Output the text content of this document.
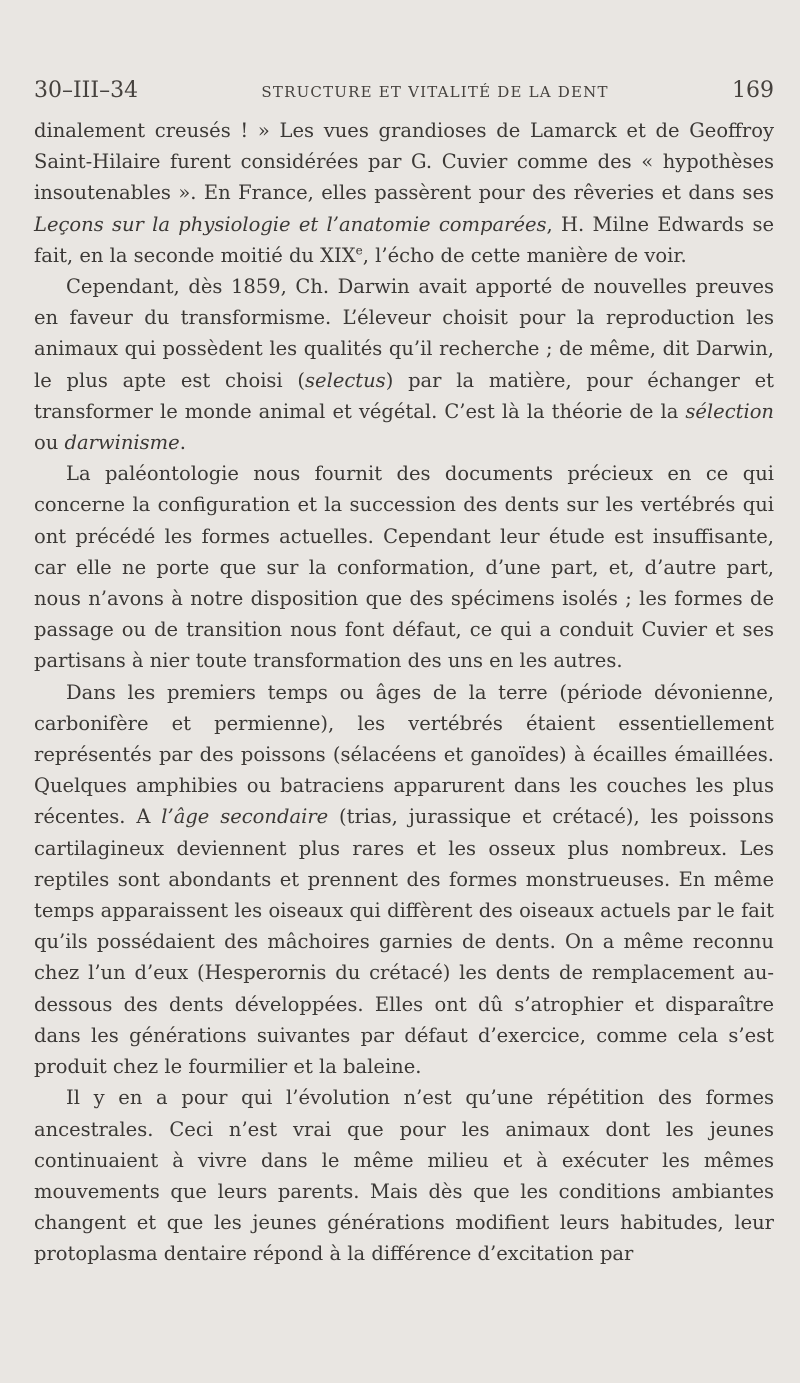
30–III–34	STRUCTURE ET VITALITÉ DE LA DENT	169

dinalement creusés ! » Les vues grandioses de Lamarck et de Geoffroy Saint-Hilaire furent considérées par G. Cuvier comme des « hypothèses insoutenables ». En France, elles passèrent pour des rêveries et dans ses Leçons sur la physiologie et l’anatomie comparées, H. Milne Edwards se fait, en la seconde moitié du XIXe, l’écho de cette manière de voir.

Cependant, dès 1859, Ch. Darwin avait apporté de nouvelles preuves en faveur du transformisme. L’éleveur choisit pour la reproduction les animaux qui possèdent les qualités qu’il recherche ; de même, dit Darwin, le plus apte est choisi (selectus) par la matière, pour échanger et transformer le monde animal et végétal. C’est là la théorie de la sélection ou darwinisme.

La paléontologie nous fournit des documents précieux en ce qui concerne la configuration et la succession des dents sur les vertébrés qui ont précédé les formes actuelles. Cependant leur étude est insuffisante, car elle ne porte que sur la conformation, d’une part, et, d’autre part, nous n’avons à notre disposition que des spécimens isolés ; les formes de passage ou de transition nous font défaut, ce qui a conduit Cuvier et ses partisans à nier toute transformation des uns en les autres.

Dans les premiers temps ou âges de la terre (période dévonienne, carbonifère et permienne), les vertébrés étaient essentiellement représentés par des poissons (sélacéens et ganoïdes) à écailles émaillées. Quelques amphibies ou batraciens apparurent dans les couches les plus récentes. A l’âge secondaire (trias, jurassique et crétacé), les poissons cartilagineux deviennent plus rares et les osseux plus nombreux. Les reptiles sont abondants et prennent des formes monstrueuses. En même temps apparaissent les oiseaux qui diffèrent des oiseaux actuels par le fait qu’ils possédaient des mâchoires garnies de dents. On a même reconnu chez l’un d’eux (Hesperornis du crétacé) les dents de remplacement au-dessous des dents développées. Elles ont dû s’atrophier et disparaître dans les générations suivantes par défaut d’exercice, comme cela s’est produit chez le fourmilier et la baleine.

Il y en a pour qui l’évolution n’est qu’une répétition des formes ancestrales. Ceci n’est vrai que pour les animaux dont les jeunes continuaient à vivre dans le même milieu et à exécuter les mêmes mouvements que leurs parents. Mais dès que les conditions ambiantes changent et que les jeunes générations modifient leurs habitudes, leur protoplasma dentaire répond à la différence d’excitation par
